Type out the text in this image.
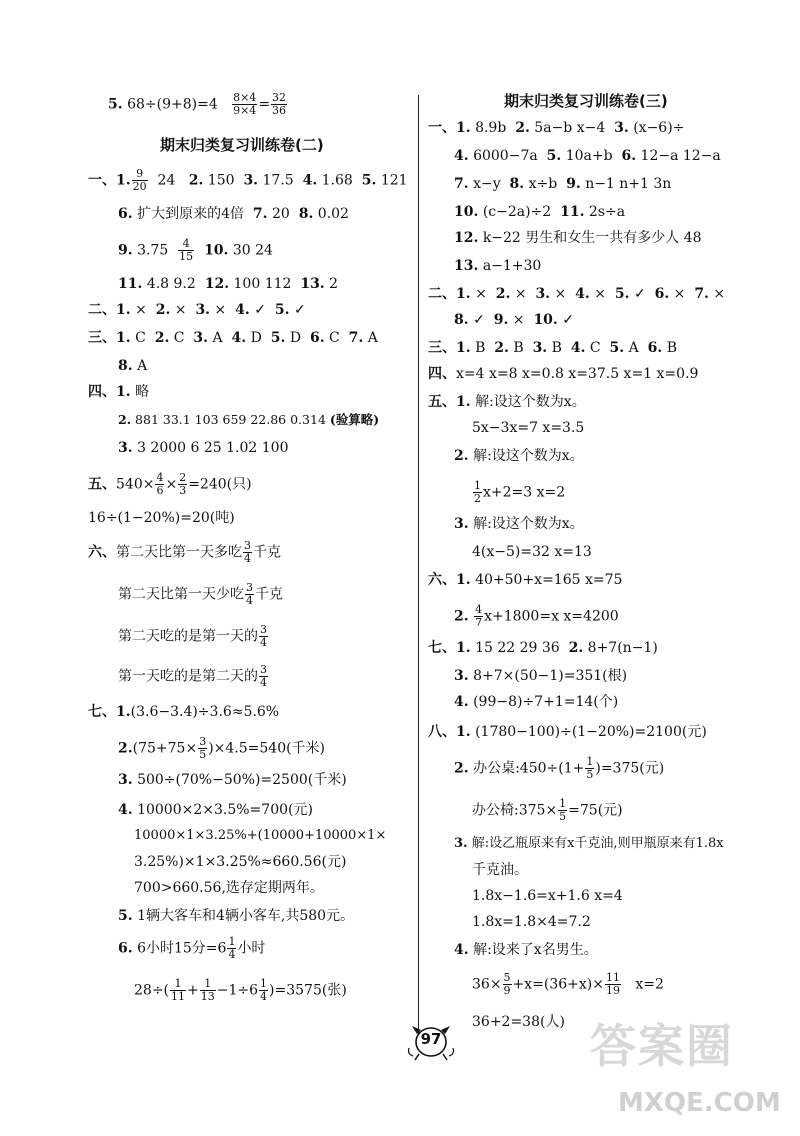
5. $68\div(9+8)=4 \frac{8\times 4}{9\times 4} = \frac{32}{36}$
期末归类复习训练卷(二)
一、1. $\frac{9}{20} 24$ 2. 150 3. 17.5 4. 1.68 5. 121
6. 扩大到原来的4倍 7. 20 8. 0.02
9. $3.75 \frac{4}{15} 10$. 30 24
11. 4.8 9.2 12. 100 112 13. 2
二、1. × 2. × 3. × 4. ✓ 5. ✓
三、1. C 2. C 3. A 4. D 5. D 6. C 7. A
8. A
四、1. 略
2. 881 33.1 103 659 22.86 0.314 (验算略)
3. 3 2000 6 25 1.02 100
五、$540\times \frac{4}{6} \times \frac{2}{3} =240$(只)
16÷(1−20%)=20(吨)
六、第二天比第一天多吃 $\frac{3}{4}$ 千克
第二天比第一天少吃 $\frac{3}{4}$ 千克
第二天吃的是第一天的 $\frac{3}{4}$
第一天吃的是第二天的 $\frac{3}{4}$
七、1.(3.6−3.4)÷3.6≈5.6%
$2.(75+75\times \frac{3}{5} )\times 4.5=540$(千米)
3. 500÷(70%−50%)=2500(千米)
4. 10000×2×3.5%=700(元)
10000×1×3.25%+(10000+10000×1×
3.25%)×1×3.25%≈660.56(元)
700>660.56,选存定期两年。
5. 1辆大客车和4辆小客车,共580元。
6. 6小时15分$=6 \frac{1}{4}$ 小时
$28\div( \frac{1}{11} + \frac{1}{13} -1\div 6 \frac{1}{4} )=3575$(张)
期末归类复习训练卷(三)
一、1. 8.9b 2. 5a−b x−4 3. (x−6)÷
4. 6000−7a 5. 10a+b 6. 12−a 12−a
7. x−y 8. x÷b 9. n−1 n+1 3n
10. (c−2a)÷2 11. 2s÷a
12. k−22 男生和女生一共有多少人 48
13. a−1+30
二、1. × 2. × 3. × 4. × 5. ✓ 6. × 7. ×
8. ✓ 9. × 10. ✓
三、1. B 2. B 3. B 4. C 5. A 6. B
四、x=4 x=8 x=0.8 x=37.5 x=1 x=0.9
五、1. 解:设这个数为x。
5x−3x=7 x=3.5
2. 解:设这个数为x。
$\frac{1}{2} x+2=3$ x=2
3. 解:设这个数为x。
4(x−5)=32 x=13
六、1. 40+50+x=165 x=75
2. $\frac{4}{7} x+1800=x$ x=4200
七、1. 15 22 29 36 2. 8+7(n−1)
3. 8+7×(50−1)=351(根)
4. (99−8)÷7+1=14(个)
八、1. (1780−100)÷(1−20%)=2100(元)
2. 办公桌:450÷(1+ $\frac{1}{5} )=375$(元)
办公椅:375× $\frac{1}{5} =75$(元)
3. 解:设乙瓶原来有x千克油,则甲瓶原来有1.8x
千克油。
1.8x−1.6=x+1.6 x=4
1.8x=1.8×4=7.2
4. 解:设来了x名男生。
$36\times \frac{5}{9} +x=(36+x)\times \frac{11}{19} x=2$
36+2=38(人)
97	答案圈
MXQE.COM
